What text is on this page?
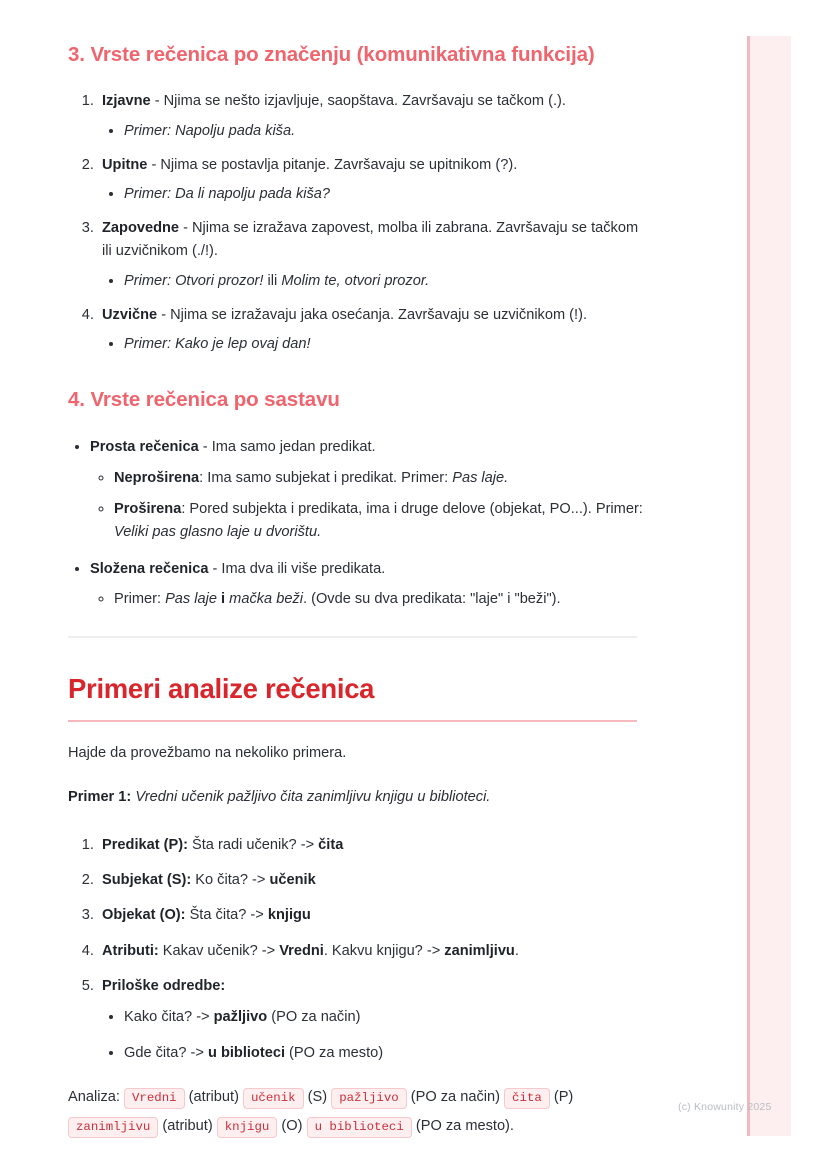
(c) Knowunity 2025
3. Vrste rečenica po značenju (komunikativna funkcija)
1. Izjavne - Njima se nešto izjavljuje, saopštava. Završavaju se tačkom (.).
• Primer: Napolju pada kiša.
2. Upitne - Njima se postavlja pitanje. Završavaju se upitnikom (?).
• Primer: Da li napolju pada kiša?
3. Zapovedne - Njima se izražava zapovest, molba ili zabrana. Završavaju se tačkom ili uzvičnikom (./!).
• Primer: Otvori prozor! ili Molim te, otvori prozor.
4. Uzvične - Njima se izražavaju jaka osećanja. Završavaju se uzvičnikom (!).
• Primer: Kako je lep ovaj dan!
4. Vrste rečenica po sastavu
• Prosta rečenica - Ima samo jedan predikat.
◦ Neproširena: Ima samo subjekat i predikat. Primer: Pas laje.
◦ Proširena: Pored subjekta i predikata, ima i druge delove (objekat, PO...). Primer: Veliki pas glasno laje u dvorištu.
• Složena rečenica - Ima dva ili više predikata.
◦ Primer: Pas laje i mačka beži. (Ovde su dva predikata: "laje" i "beži").
Primeri analize rečenica

Hajde da provežbamo na nekoliko primera.

Primer 1: Vredni učenik pažljivo čita zanimljivu knjigu u biblioteci.

1. Predikat (P): Šta radi učenik? -> čita
2. Subjekat (S): Ko čita? -> učenik
3. Objekat (O): Šta čita? -> knjigu
4. Atributi: Kakav učenik? -> Vredni. Kakvu knjigu? -> zanimljivu.
5. Priloške odredbe:
• Kako čita? -> pažljivo (PO za način)
• Gde čita? -> u biblioteci (PO za mesto)

Analiza: Vredni (atribut) učenik (S) pažljivo (PO za način) čita (P) zanimljivu (atribut) knjigu (O) u biblioteci (PO za mesto).
